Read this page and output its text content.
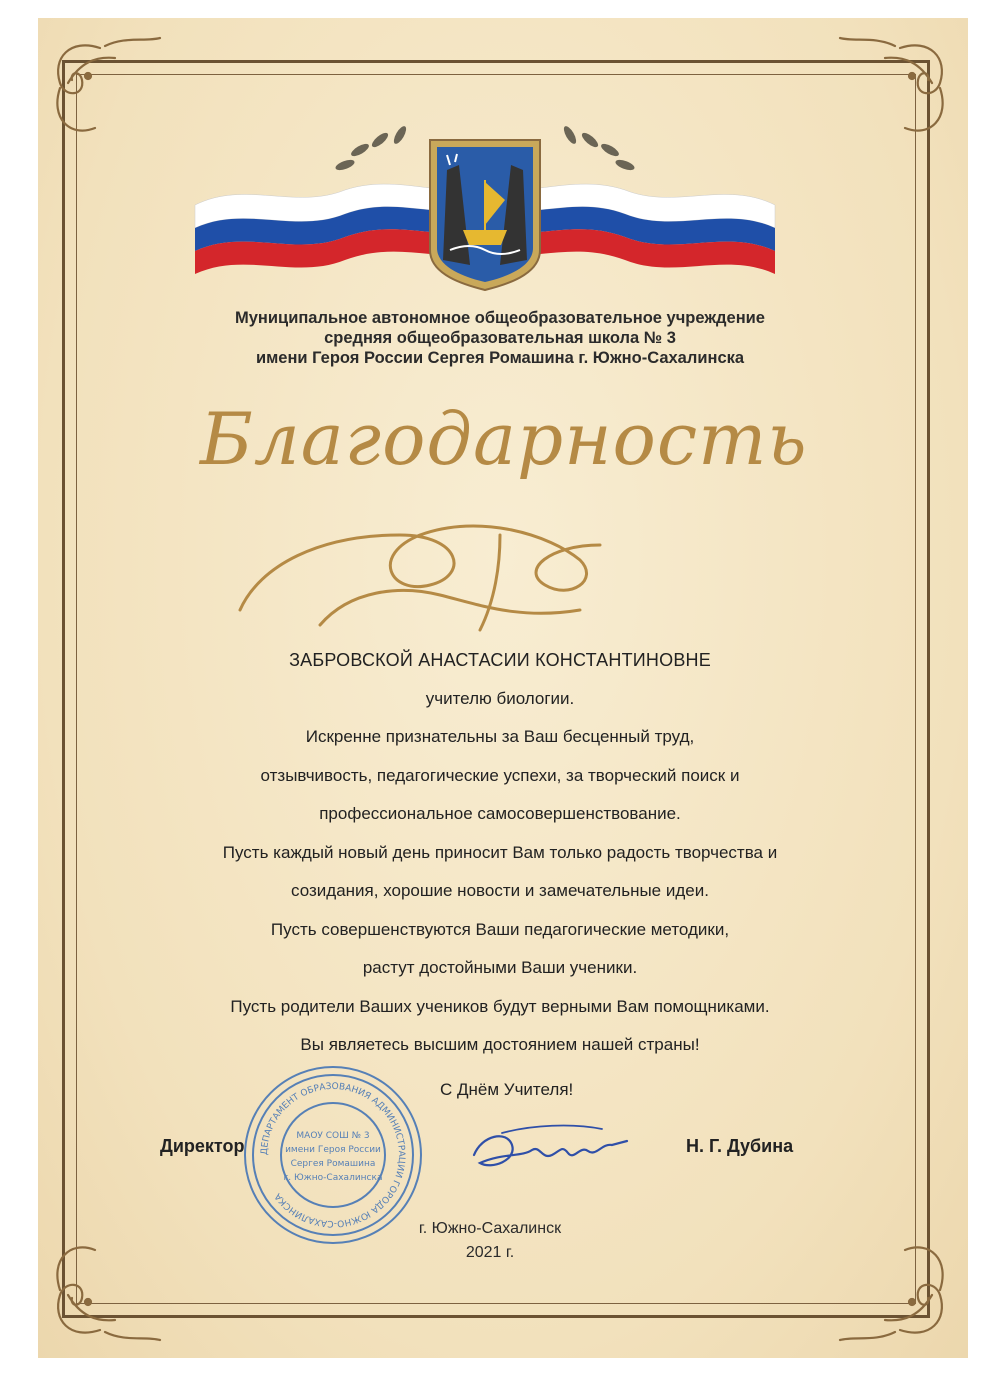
Муниципальное автономное общеобразовательное учреждение
средняя общеобразовательная школа № 3
имени Героя России Сергея Ромашина г. Южно-Сахалинска
Благодарность
ЗАБРОВСКОЙ АНАСТАСИИ КОНСТАНТИНОВНЕ
учителю биологии.
Искренне признательны за Ваш бесценный труд,
отзывчивость, педагогические успехи, за творческий поиск и
профессиональное самосовершенствование.
Пусть каждый новый день приносит Вам только радость творчества и
созидания, хорошие новости и замечательные идеи.
Пусть совершенствуются Ваши педагогические методики,
растут достойными Ваши ученики.
Пусть родители Ваших учеников будут верными Вам помощниками.
Вы являетесь высшим достоянием нашей страны!
С Днём Учителя!
ДЕПАРТАМЕНТ ОБРАЗОВАНИЯ АДМИНИСТРАЦИИ ГОРОДА ЮЖНО-САХАЛИНСКА
МАОУ СОШ № 3
имени Героя России
Сергея Ромашина
г. Южно-Сахалинска
Директор	Н. Г. Дубина
г. Южно-Сахалинск
2021 г.
